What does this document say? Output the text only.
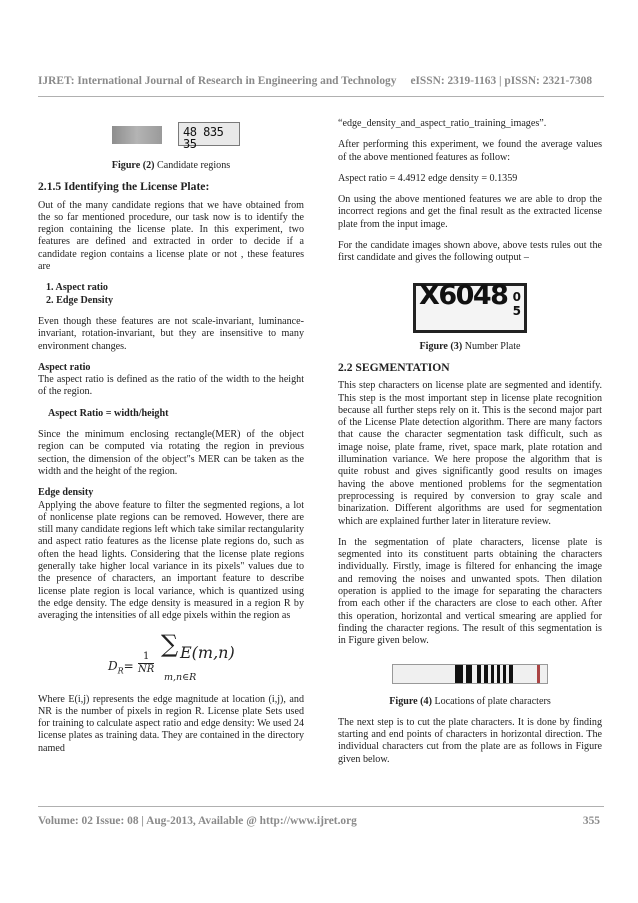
IJRET: International Journal of Research in Engineering and Technology eISSN: 2319-1163 | pISSN: 2321-7308
48 835 35
Figure (2) Candidate regions
2.1.5 Identifying the License Plate:

Out of the many candidate regions that we have obtained from the so far mentioned procedure, our task now is to identify the region containing the license plate. In this experiment, two features are defined and extracted in order to decide if a candidate region contains a license plate or not , these features are

1. Aspect ratio
2. Edge Density

Even though these features are not scale-invariant, luminance-invariant, rotation-invariant, but they are insensitive to many environment changes.

Aspect ratio

The aspect ratio is defined as the ratio of the width to the height of the region.

Aspect Ratio = width/height

Since the minimum enclosing rectangle(MER) of the object region can be computed via rotating the region in previous section, the dimension of the object"s MER can be taken as the width and the height of the region.

Edge density

Applying the above feature to filter the segmented regions, a lot of nonlicense plate regions can be removed. However, there are still many candidate regions left which take similar rectangularity and aspect ratio features as the license plate regions do, such as often the head lights. Considering that the license plate regions generally take higher local variance in its pixels" values due to the presence of characters, an important feature to describe license plate region is local variance, which is quantized using the edge density. The edge density is measured in a region R by averaging the intensities of all edge pixels within the region as

$D_R= \frac{1}{NR}$
∑ E(m,n)
m,n∈R

Where E(i,j) represents the edge magnitude at location (i,j), and NR is the number of pixels in region R. License plate Sets used for training to calculate aspect ratio and edge density: We used 24 license plates as training data. They are contained in the directory named

“edge_density_and_aspect_ratio_training_images”.

After performing this experiment, we found the average values of the above mentioned features as follow:

Aspect ratio = 4.4912 edge density = 0.1359

On using the above mentioned features we are able to drop the incorrect regions and get the final result as the extracted license plate from the input image.

For the candidate images shown above, above tests rules out the first candidate and gives the following output –

X6048 0
5
Figure (3) Number Plate
2.2 SEGMENTATION

This step characters on license plate are segmented and identify. This step is the most important step in license plate recognition because all further steps rely on it. This is the second major part of the License Plate detection algorithm. There are many factors that cause the character segmentation task difficult, such as image noise, plate frame, rivet, space mark, plate rotation and illumination variance. We here propose the algorithm that is quite robust and gives significantly good results on images having the above mentioned problems for the segmentation preprocessing is required by conversion to gray scale and binarization. Different algorithms are used for segmentation which are explained further later in literature review.

In the segmentation of plate characters, license plate is segmented into its constituent parts obtaining the characters individually. Firstly, image is filtered for enhancing the image and removing the noises and unwanted spots. Then dilation operation is applied to the image for separating the characters from each other if the characters are close to each other. After this operation, horizontal and vertical smearing are applied for finding the character regions. The result of this segmentation is in Figure given below.

Figure (4) Locations of plate characters

The next step is to cut the plate characters. It is done by finding starting and end points of characters in horizontal direction. The individual characters cut from the plate are as follows in Figure given below.

Volume: 02 Issue: 08 | Aug-2013, Available @ http://www.ijret.org	355
